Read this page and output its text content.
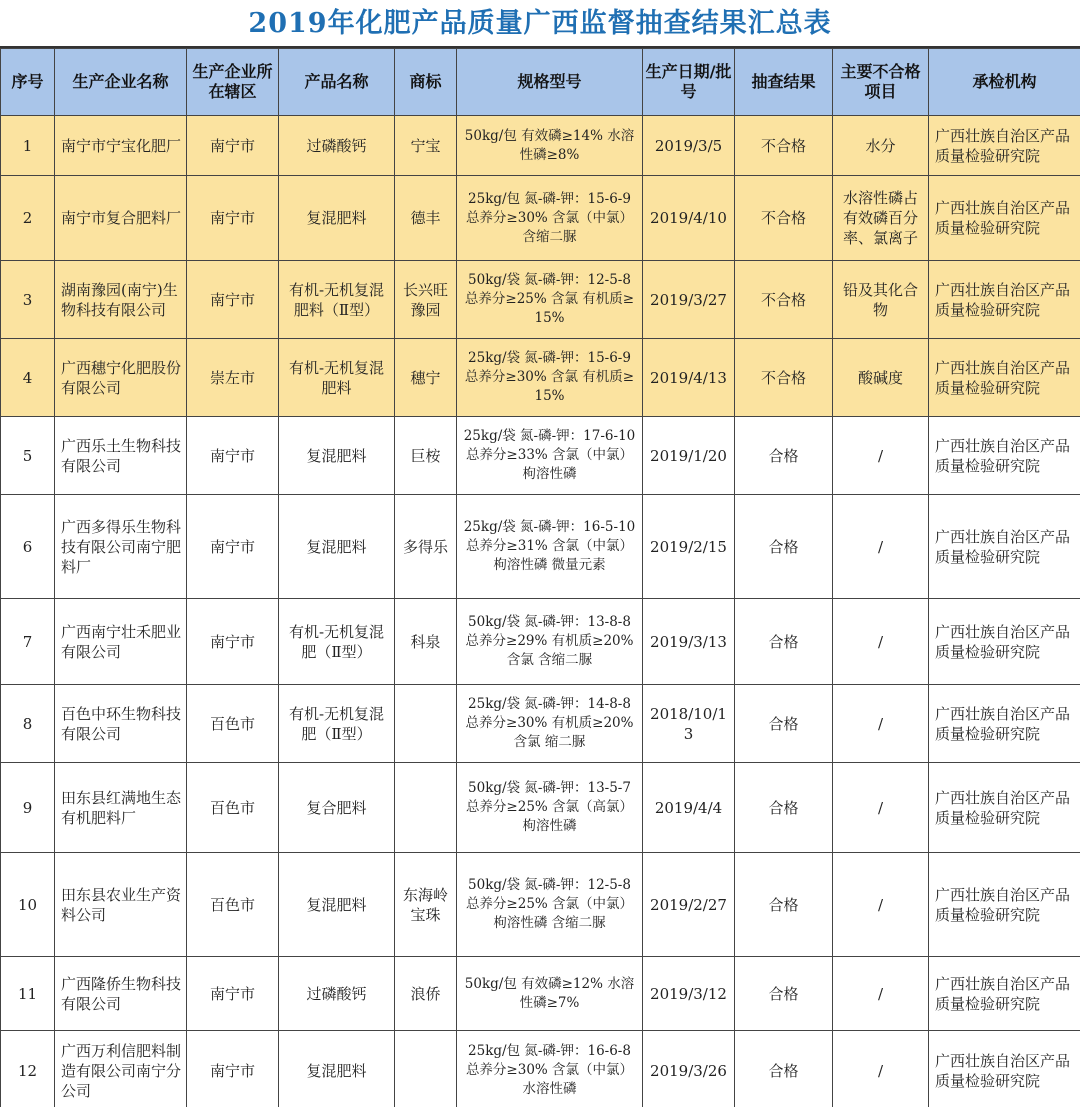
2019年化肥产品质量广西监督抽查结果汇总表
序号	生产企业名称	生产企业所在辖区	产品名称	商标	规格型号	生产日期/批号	抽查结果	主要不合格项目	承检机构
1	南宁市宁宝化肥厂	南宁市	过磷酸钙	宁宝	50kg/包 有效磷≥14% 水溶性磷≥8%	2019/3/5	不合格	水分	广西壮族自治区产品质量检验研究院
2	南宁市复合肥料厂	南宁市	复混肥料	德丰	25kg/包 氮-磷-钾：15-6-9 总养分≥30% 含氯（中氯）含缩二脲	2019/4/10	不合格	水溶性磷占有效磷百分率、氯离子	广西壮族自治区产品质量检验研究院
3	湖南豫园(南宁)生物科技有限公司	南宁市	有机-无机复混肥料（Ⅱ型）	长兴旺豫园	50kg/袋 氮-磷-钾：12-5-8 总养分≥25% 含氯 有机质≥15%	2019/3/27	不合格	铅及其化合物	广西壮族自治区产品质量检验研究院
4	广西穗宁化肥股份有限公司	崇左市	有机-无机复混肥料	穗宁	25kg/袋 氮-磷-钾：15-6-9 总养分≥30% 含氯 有机质≥15%	2019/4/13	不合格	酸碱度	广西壮族自治区产品质量检验研究院
5	广西乐土生物科技有限公司	南宁市	复混肥料	巨桉	25kg/袋 氮-磷-钾：17-6-10 总养分≥33% 含氯（中氯） 枸溶性磷	2019/1/20	合格	/	广西壮族自治区产品质量检验研究院
6	广西多得乐生物科技有限公司南宁肥料厂	南宁市	复混肥料	多得乐	25kg/袋 氮-磷-钾：16-5-10 总养分≥31% 含氯（中氯） 枸溶性磷 微量元素	2019/2/15	合格	/	广西壮族自治区产品质量检验研究院
7	广西南宁壮禾肥业有限公司	南宁市	有机-无机复混肥（Ⅱ型）	科泉	50kg/袋 氮-磷-钾：13-8-8 总养分≥29% 有机质≥20% 含氯 含缩二脲	2019/3/13	合格	/	广西壮族自治区产品质量检验研究院
8	百色中环生物科技有限公司	百色市	有机-无机复混肥（Ⅱ型）		25kg/袋 氮-磷-钾：14-8-8 总养分≥30% 有机质≥20% 含氯 缩二脲	2018/10/13	合格	/	广西壮族自治区产品质量检验研究院
9	田东县红满地生态有机肥料厂	百色市	复合肥料		50kg/袋 氮-磷-钾：13-5-7 总养分≥25% 含氯（高氯） 枸溶性磷	2019/4/4	合格	/	广西壮族自治区产品质量检验研究院
10	田东县农业生产资料公司	百色市	复混肥料	东海岭宝珠	50kg/袋 氮-磷-钾：12-5-8 总养分≥25% 含氯（中氯） 枸溶性磷 含缩二脲	2019/2/27	合格	/	广西壮族自治区产品质量检验研究院
11	广西隆侨生物科技有限公司	南宁市	过磷酸钙	浪侨	50kg/包 有效磷≥12% 水溶性磷≥7%	2019/3/12	合格	/	广西壮族自治区产品质量检验研究院
12	广西万利信肥料制造有限公司南宁分公司	南宁市	复混肥料		25kg/包 氮-磷-钾：16-6-8 总养分≥30% 含氯（中氯）水溶性磷	2019/3/26	合格	/	广西壮族自治区产品质量检验研究院
